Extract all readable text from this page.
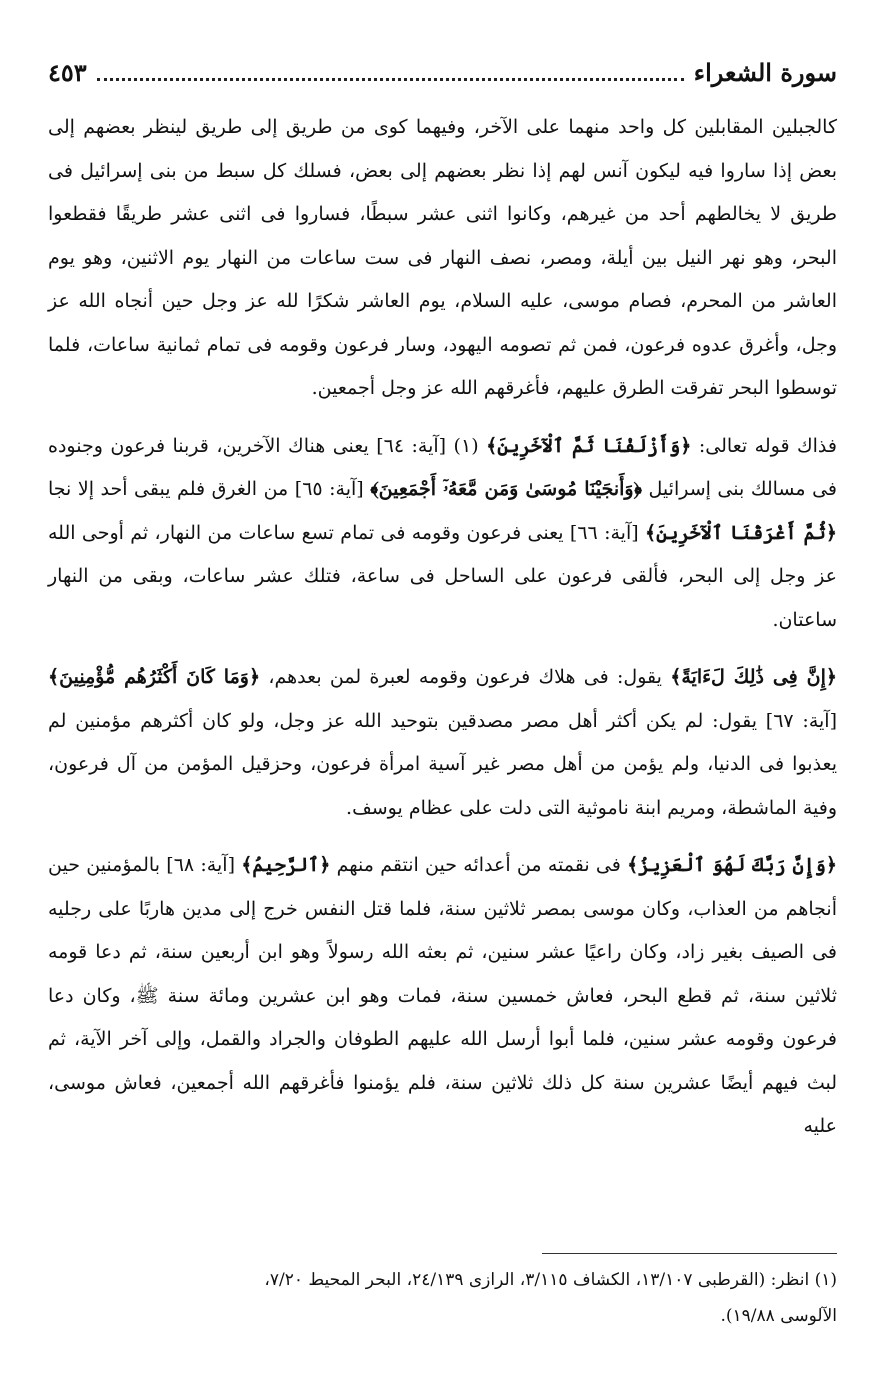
سورة الشعراء
٤٥٣

كالجبلين المقابلين كل واحد منهما على الآخر، وفيهما كوى من طريق إلى طريق لينظر بعضهم إلى بعض إذا ساروا فيه ليكون آنس لهم إذا نظر بعضهم إلى بعض، فسلك كل سبط من بنى إسرائيل فى طريق لا يخالطهم أحد من غيرهم، وكانوا اثنى عشر سبطًا، فساروا فى اثنى عشر طريقًا فقطعوا البحر، وهو نهر النيل بين أيلة، ومصر، نصف النهار فى ست ساعات من النهار يوم الاثنين، وهو يوم العاشر من المحرم، فصام موسى، عليه السلام، يوم العاشر شكرًا لله عز وجل حين أنجاه الله عز وجل، وأغرق عدوه فرعون، فمن ثم تصومه اليهود، وسار فرعون وقومه فى تمام ثمانية ساعات، فلما توسطوا البحر تفرقت الطرق عليهم، فأغرقهم الله عز وجل أجمعين.

فذاك قوله تعالى: ﴿وَأَزْلَفْنَا ثَمَّ ٱلْآخَرِينَ﴾ (١) [آية: ٦٤] يعنى هناك الآخرين، قربنا فرعون وجنوده فى مسالك بنى إسرائيل ﴿وَأَنجَيْنَا مُوسَىٰ وَمَن مَّعَهُۥٓ أَجْمَعِينَ﴾ [آية: ٦٥] من الغرق فلم يبقى أحد إلا نجا ﴿ثُمَّ أَغْرَقْنَا ٱلْآخَرِينَ﴾ [آية: ٦٦] يعنى فرعون وقومه فى تمام تسع ساعات من النهار، ثم أوحى الله عز وجل إلى البحر، فألقى فرعون على الساحل فى ساعة، فتلك عشر ساعات، وبقى من النهار ساعتان.

﴿إِنَّ فِى ذَٰلِكَ لَءَايَةً﴾ يقول: فى هلاك فرعون وقومه لعبرة لمن بعدهم، ﴿وَمَا كَانَ أَكْثَرُهُم مُّؤْمِنِينَ﴾ [آية: ٦٧] يقول: لم يكن أكثر أهل مصر مصدقين بتوحيد الله عز وجل، ولو كان أكثرهم مؤمنين لم يعذبوا فى الدنيا، ولم يؤمن من أهل مصر غير آسية امرأة فرعون، وحزقيل المؤمن من آل فرعون، وفية الماشطة، ومريم ابنة ناموثية التى دلت على عظام يوسف.

﴿وَإِنَّ رَبَّكَ لَهُوَ ٱلْعَزِيزُ﴾ فى نقمته من أعدائه حين انتقم منهم ﴿ٱلرَّحِيمُ﴾ [آية: ٦٨] بالمؤمنين حين أنجاهم من العذاب، وكان موسى بمصر ثلاثين سنة، فلما قتل النفس خرج إلى مدين هاربًا على رجليه فى الصيف بغير زاد، وكان راعيًا عشر سنين، ثم بعثه الله رسولاً وهو ابن أربعين سنة، ثم دعا قومه ثلاثين سنة، ثم قطع البحر، فعاش خمسين سنة، فمات وهو ابن عشرين ومائة سنة ﷺ، وكان دعا فرعون وقومه عشر سنين، فلما أبوا أرسل الله عليهم الطوفان والجراد والقمل، وإلى آخر الآية، ثم لبث فيهم أيضًا عشرين سنة كل ذلك ثلاثين سنة، فلم يؤمنوا فأغرقهم الله أجمعين، فعاش موسى، عليه

(١) انظر: (القرطبى ١٣/١٠٧، الكشاف ٣/١١٥، الرازى ٢٤/١٣٩، البحر المحيط ٧/٢٠،

الآلوسى ١٩/٨٨).
